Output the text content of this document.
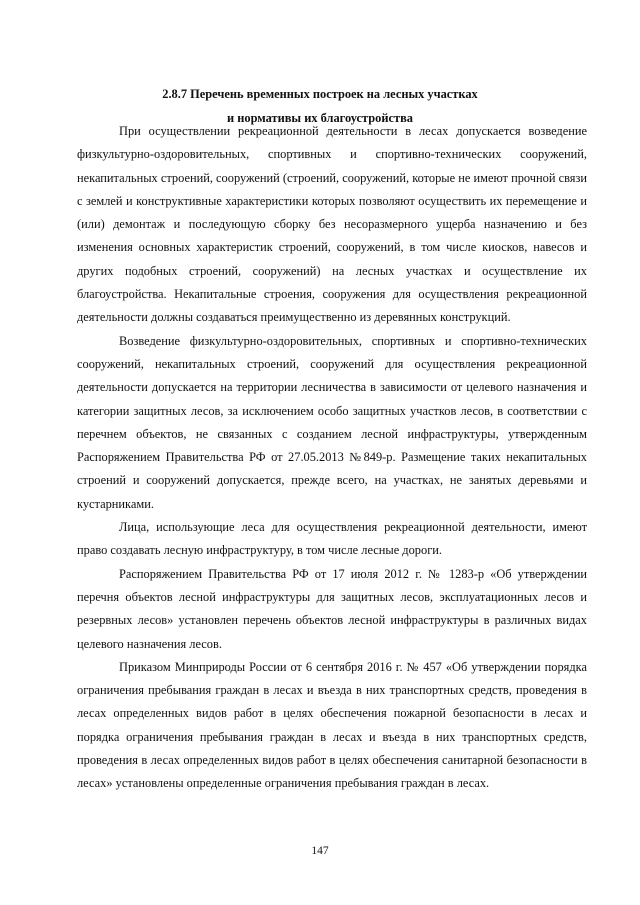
2.8.7 Перечень временных построек на лесных участках
и нормативы их благоустройства

При осуществлении рекреационной деятельности в лесах допускается возведение физкультурно-оздоровительных, спортивных и спортивно-технических сооружений, некапитальных строений, сооружений (строений, сооружений, которые не имеют прочной связи с землей и конструктивные характеристики которых позволяют осуществить их перемещение и (или) демонтаж и последующую сборку без несоразмерного ущерба назначению и без изменения основных характеристик строений, сооружений, в том числе киосков, навесов и других подобных строений, сооружений) на лесных участках и осуществление их благоустройства. Некапитальные строения, сооружения для осуществления рекреационной деятельности должны создаваться преимущественно из деревянных конструкций.

Возведение физкультурно-оздоровительных, спортивных и спортивно-технических сооружений, некапитальных строений, сооружений для осуществления рекреационной деятельности допускается на территории лесничества в зависимости от целевого назначения и категории защитных лесов, за исключением особо защитных участков лесов, в соответствии с перечнем объектов, не связанных с созданием лесной инфраструктуры, утвержденным Распоряжением Правительства РФ от 27.05.2013 №849-р. Размещение таких некапитальных строений и сооружений допускается, прежде всего, на участках, не занятых деревьями и кустарниками.

Лица, использующие леса для осуществления рекреационной деятельности, имеют право создавать лесную инфраструктуру, в том числе лесные дороги.

Распоряжением Правительства РФ от 17 июля 2012 г. № 1283-р «Об утверждении перечня объектов лесной инфраструктуры для защитных лесов, эксплуатационных лесов и резервных лесов» установлен перечень объектов лесной инфраструктуры в различных видах целевого назначения лесов.

Приказом Минприроды России от 6 сентября 2016 г. № 457 «Об утверждении порядка ограничения пребывания граждан в лесах и въезда в них транспортных средств, проведения в лесах определенных видов работ в целях обеспечения пожарной безопасности в лесах и порядка ограничения пребывания граждан в лесах и въезда в них транспортных средств, проведения в лесах определенных видов работ в целях обеспечения санитарной безопасности в лесах» установлены определенные ограничения пребывания граждан в лесах.

147
